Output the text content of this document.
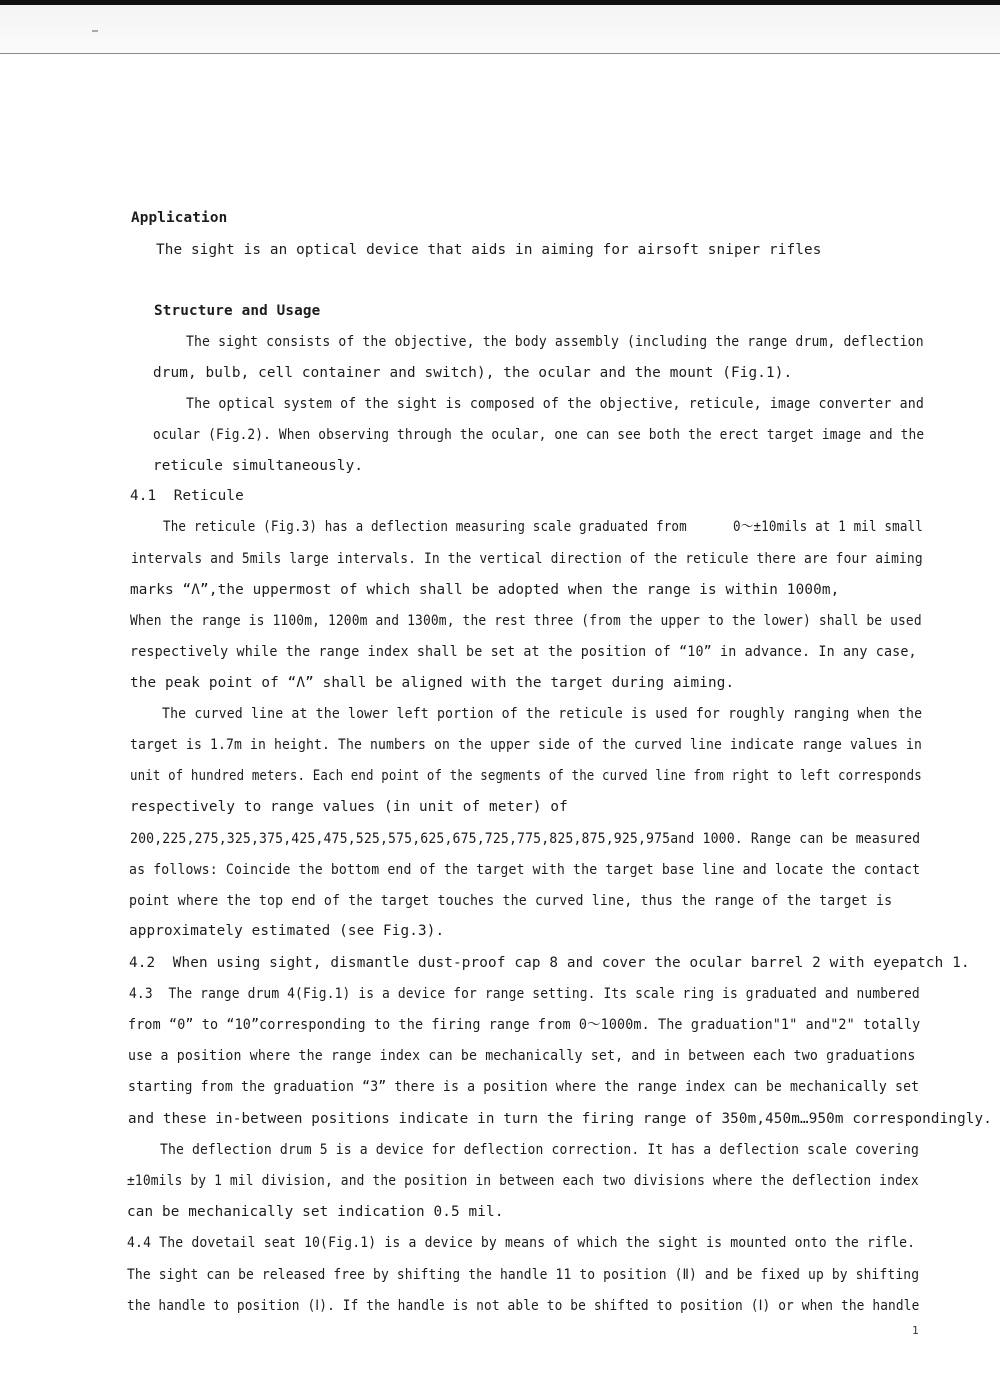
Application
The sight is an optical device that aids in aiming for airsoft sniper rifles
Structure and Usage
The sight consists of the objective, the body assembly (including the range drum, deflection
drum, bulb, cell container and switch), the ocular and the mount (Fig.1).
The optical system of the sight is composed of the objective, reticule, image converter and
ocular (Fig.2). When observing through the ocular, one can see both the erect target image and the
reticule simultaneously.
4.1  Reticule
The reticule (Fig.3) has a deflection measuring scale graduated from      0～±10mils at 1 mil small
intervals and 5mils large intervals. In the vertical direction of the reticule there are four aiming
marks “Λ”,the uppermost of which shall be adopted when the range is within 1000m,
When the range is 1100m, 1200m and 1300m, the rest three (from the upper to the lower) shall be used
respectively while the range index shall be set at the position of “10” in advance. In any case,
the peak point of “Λ” shall be aligned with the target during aiming.
The curved line at the lower left portion of the reticule is used for roughly ranging when the
target is 1.7m in height. The numbers on the upper side of the curved line indicate range values in
unit of hundred meters. Each end point of the segments of the curved line from right to left corresponds
respectively to range values (in unit of meter) of
200,225,275,325,375,425,475,525,575,625,675,725,775,825,875,925,975and 1000. Range can be measured
as follows: Coincide the bottom end of the target with the target base line and locate the contact
point where the top end of the target touches the curved line, thus the range of the target is
approximately estimated (see Fig.3).
4.2  When using sight, dismantle dust-proof cap 8 and cover the ocular barrel 2 with eyepatch 1.
4.3  The range drum 4(Fig.1) is a device for range setting. Its scale ring is graduated and numbered
from “0” to “10”corresponding to the firing range from 0～1000m. The graduation"1" and"2" totally
use a position where the range index can be mechanically set, and in between each two graduations
starting from the graduation “3” there is a position where the range index can be mechanically set
and these in-between positions indicate in turn the firing range of 350m,450m…950m correspondingly.
The deflection drum 5 is a device for deflection correction. It has a deflection scale covering
±10mils by 1 mil division, and the position in between each two divisions where the deflection index
can be mechanically set indication 0.5 mil.
4.4 The dovetail seat 10(Fig.1) is a device by means of which the sight is mounted onto the rifle.
The sight can be released free by shifting the handle 11 to position (Ⅱ) and be fixed up by shifting
the handle to position (Ⅰ). If the handle is not able to be shifted to position (Ⅰ) or when the handle
1
